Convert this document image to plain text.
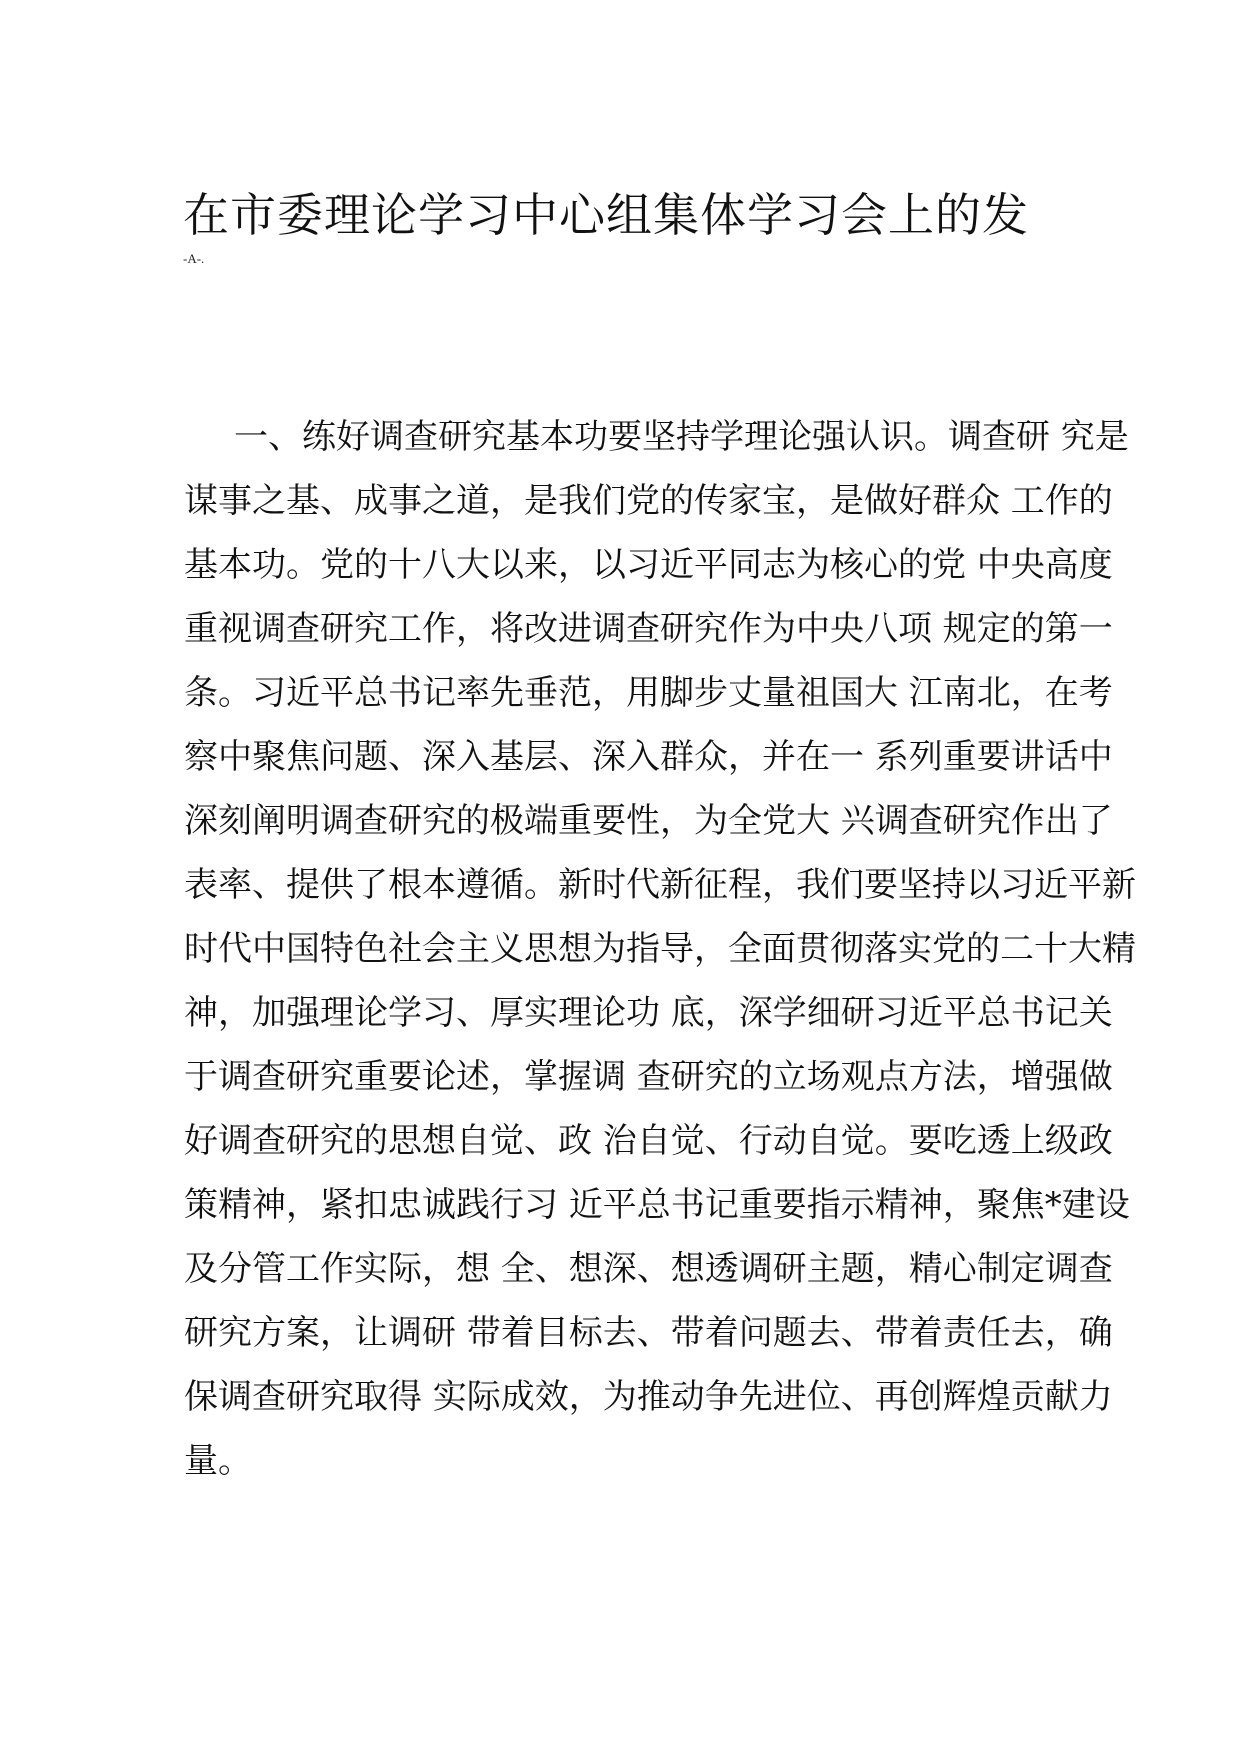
在市委理论学习中心组集体学习会上的发
-A-.
一、练好调查研究基本功要坚持学理论强认识。调查研 究是
谋事之基、成事之道，是我们党的传家宝，是做好群众 工作的
基本功。党的十八大以来，以习近平同志为核心的党 中央高度
重视调查研究工作，将改进调查研究作为中央八项 规定的第一
条。习近平总书记率先垂范，用脚步丈量祖国大 江南北，在考
察中聚焦问题、深入基层、深入群众，并在一 系列重要讲话中
深刻阐明调查研究的极端重要性，为全党大 兴调查研究作出了
表率、提供了根本遵循。新时代新征程，我们要坚持以习近平新
时代中国特色社会主义思想为指导，全面贯彻落实党的二十大精
神，加强理论学习、厚实理论功 底，深学细研习近平总书记关
于调查研究重要论述，掌握调 查研究的立场观点方法，增强做
好调查研究的思想自觉、政 治自觉、行动自觉。要吃透上级政
策精神，紧扣忠诚践行习 近平总书记重要指示精神，聚焦*建设
及分管工作实际，想 全、想深、想透调研主题，精心制定调查
研究方案，让调研 带着目标去、带着问题去、带着责任去，确
保调查研究取得 实际成效，为推动争先进位、再创辉煌贡献力
量。
